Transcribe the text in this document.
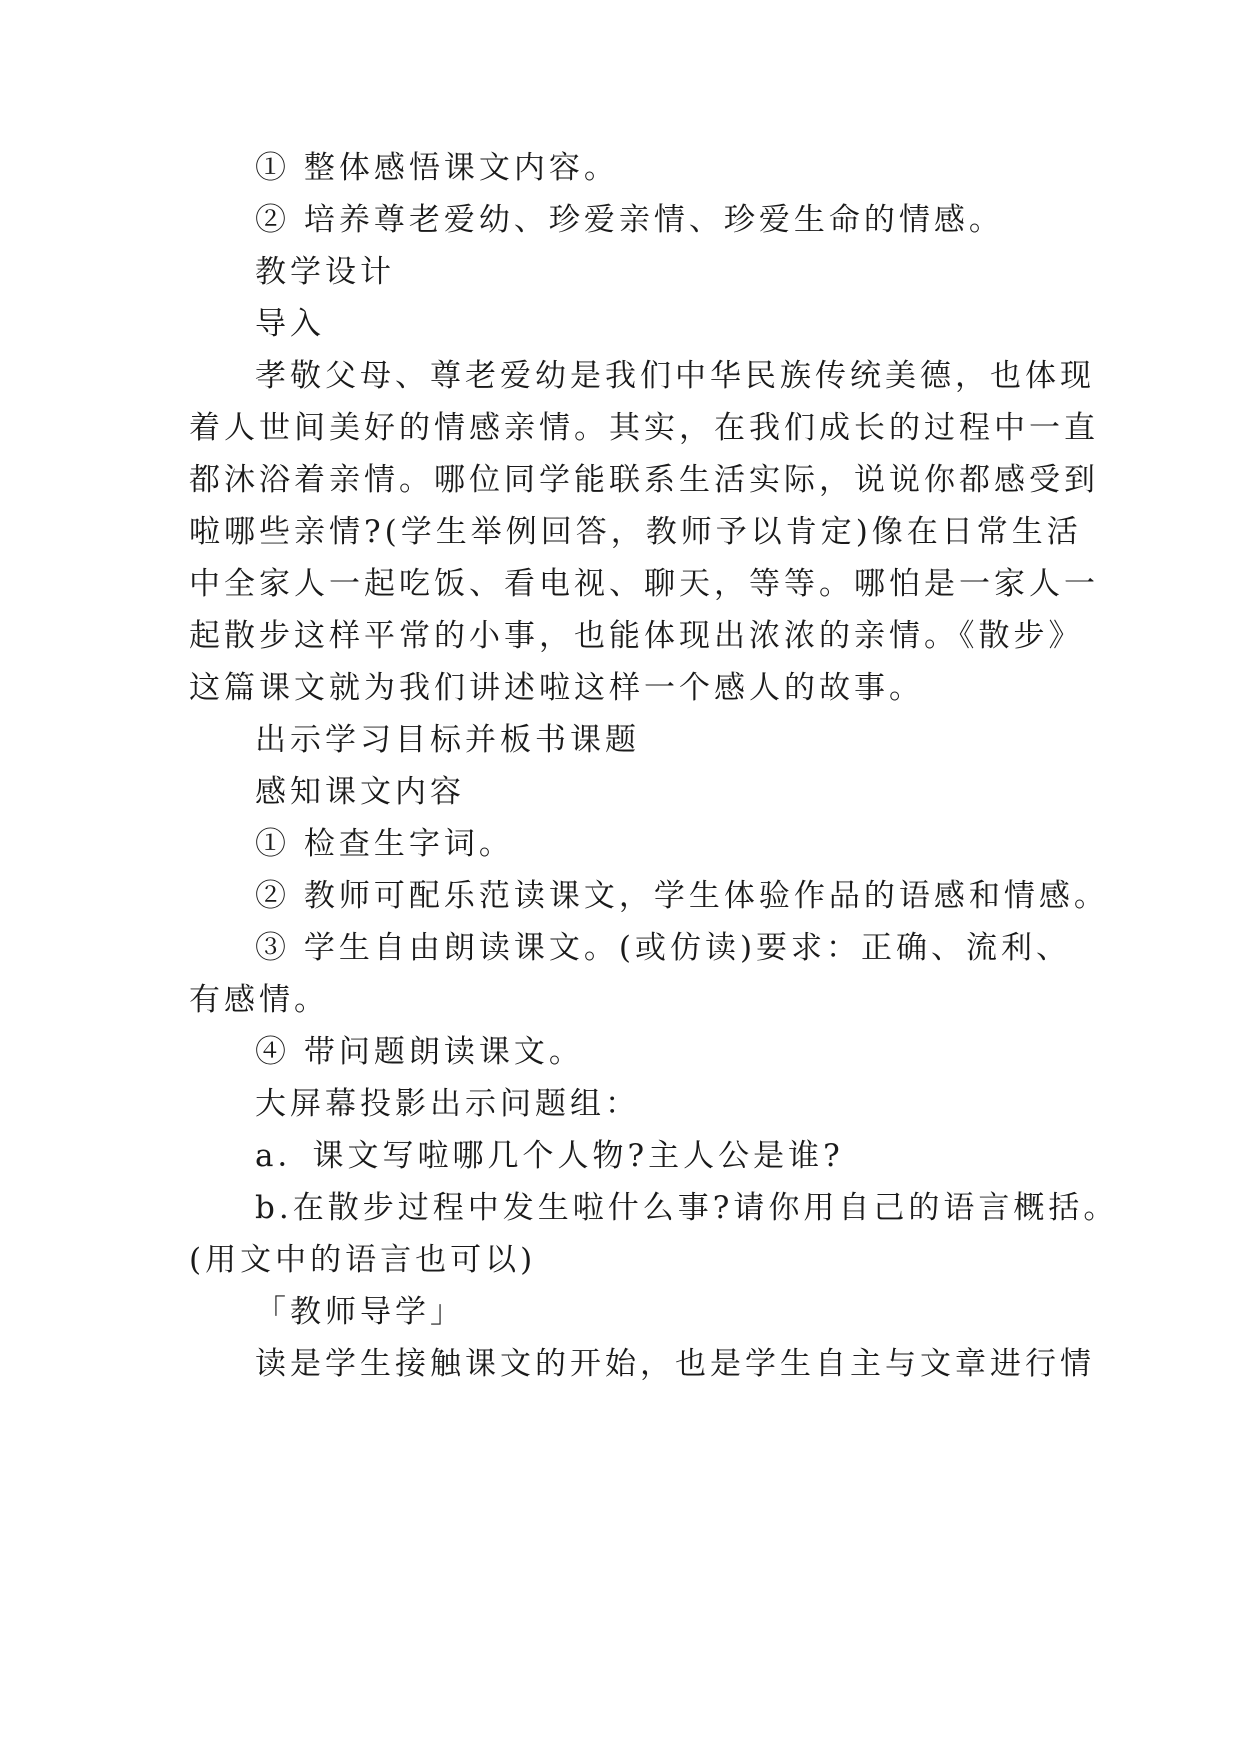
① 整体感悟课文内容。
② 培养尊老爱幼、珍爱亲情、珍爱生命的情感。
教学设计
导入
孝敬父母、尊老爱幼是我们中华民族传统美德，也体现
着人世间美好的情感亲情。其实，在我们成长的过程中一直
都沐浴着亲情。哪位同学能联系生活实际，说说你都感受到
啦哪些亲情?(学生举例回答，教师予以肯定)像在日常生活
中全家人一起吃饭、看电视、聊天，等等。哪怕是一家人一
起散步这样平常的小事，也能体现出浓浓的亲情。《散步》
这篇课文就为我们讲述啦这样一个感人的故事。
出示学习目标并板书课题
感知课文内容
① 检查生字词。
② 教师可配乐范读课文，学生体验作品的语感和情感。
③ 学生自由朗读课文。(或仿读)要求：正确、流利、
有感情。
④ 带问题朗读课文。
大屏幕投影出示问题组：
a．课文写啦哪几个人物?主人公是谁?
b.在散步过程中发生啦什么事?请你用自己的语言概括。
(用文中的语言也可以)
「教师导学」
读是学生接触课文的开始，也是学生自主与文章进行情
